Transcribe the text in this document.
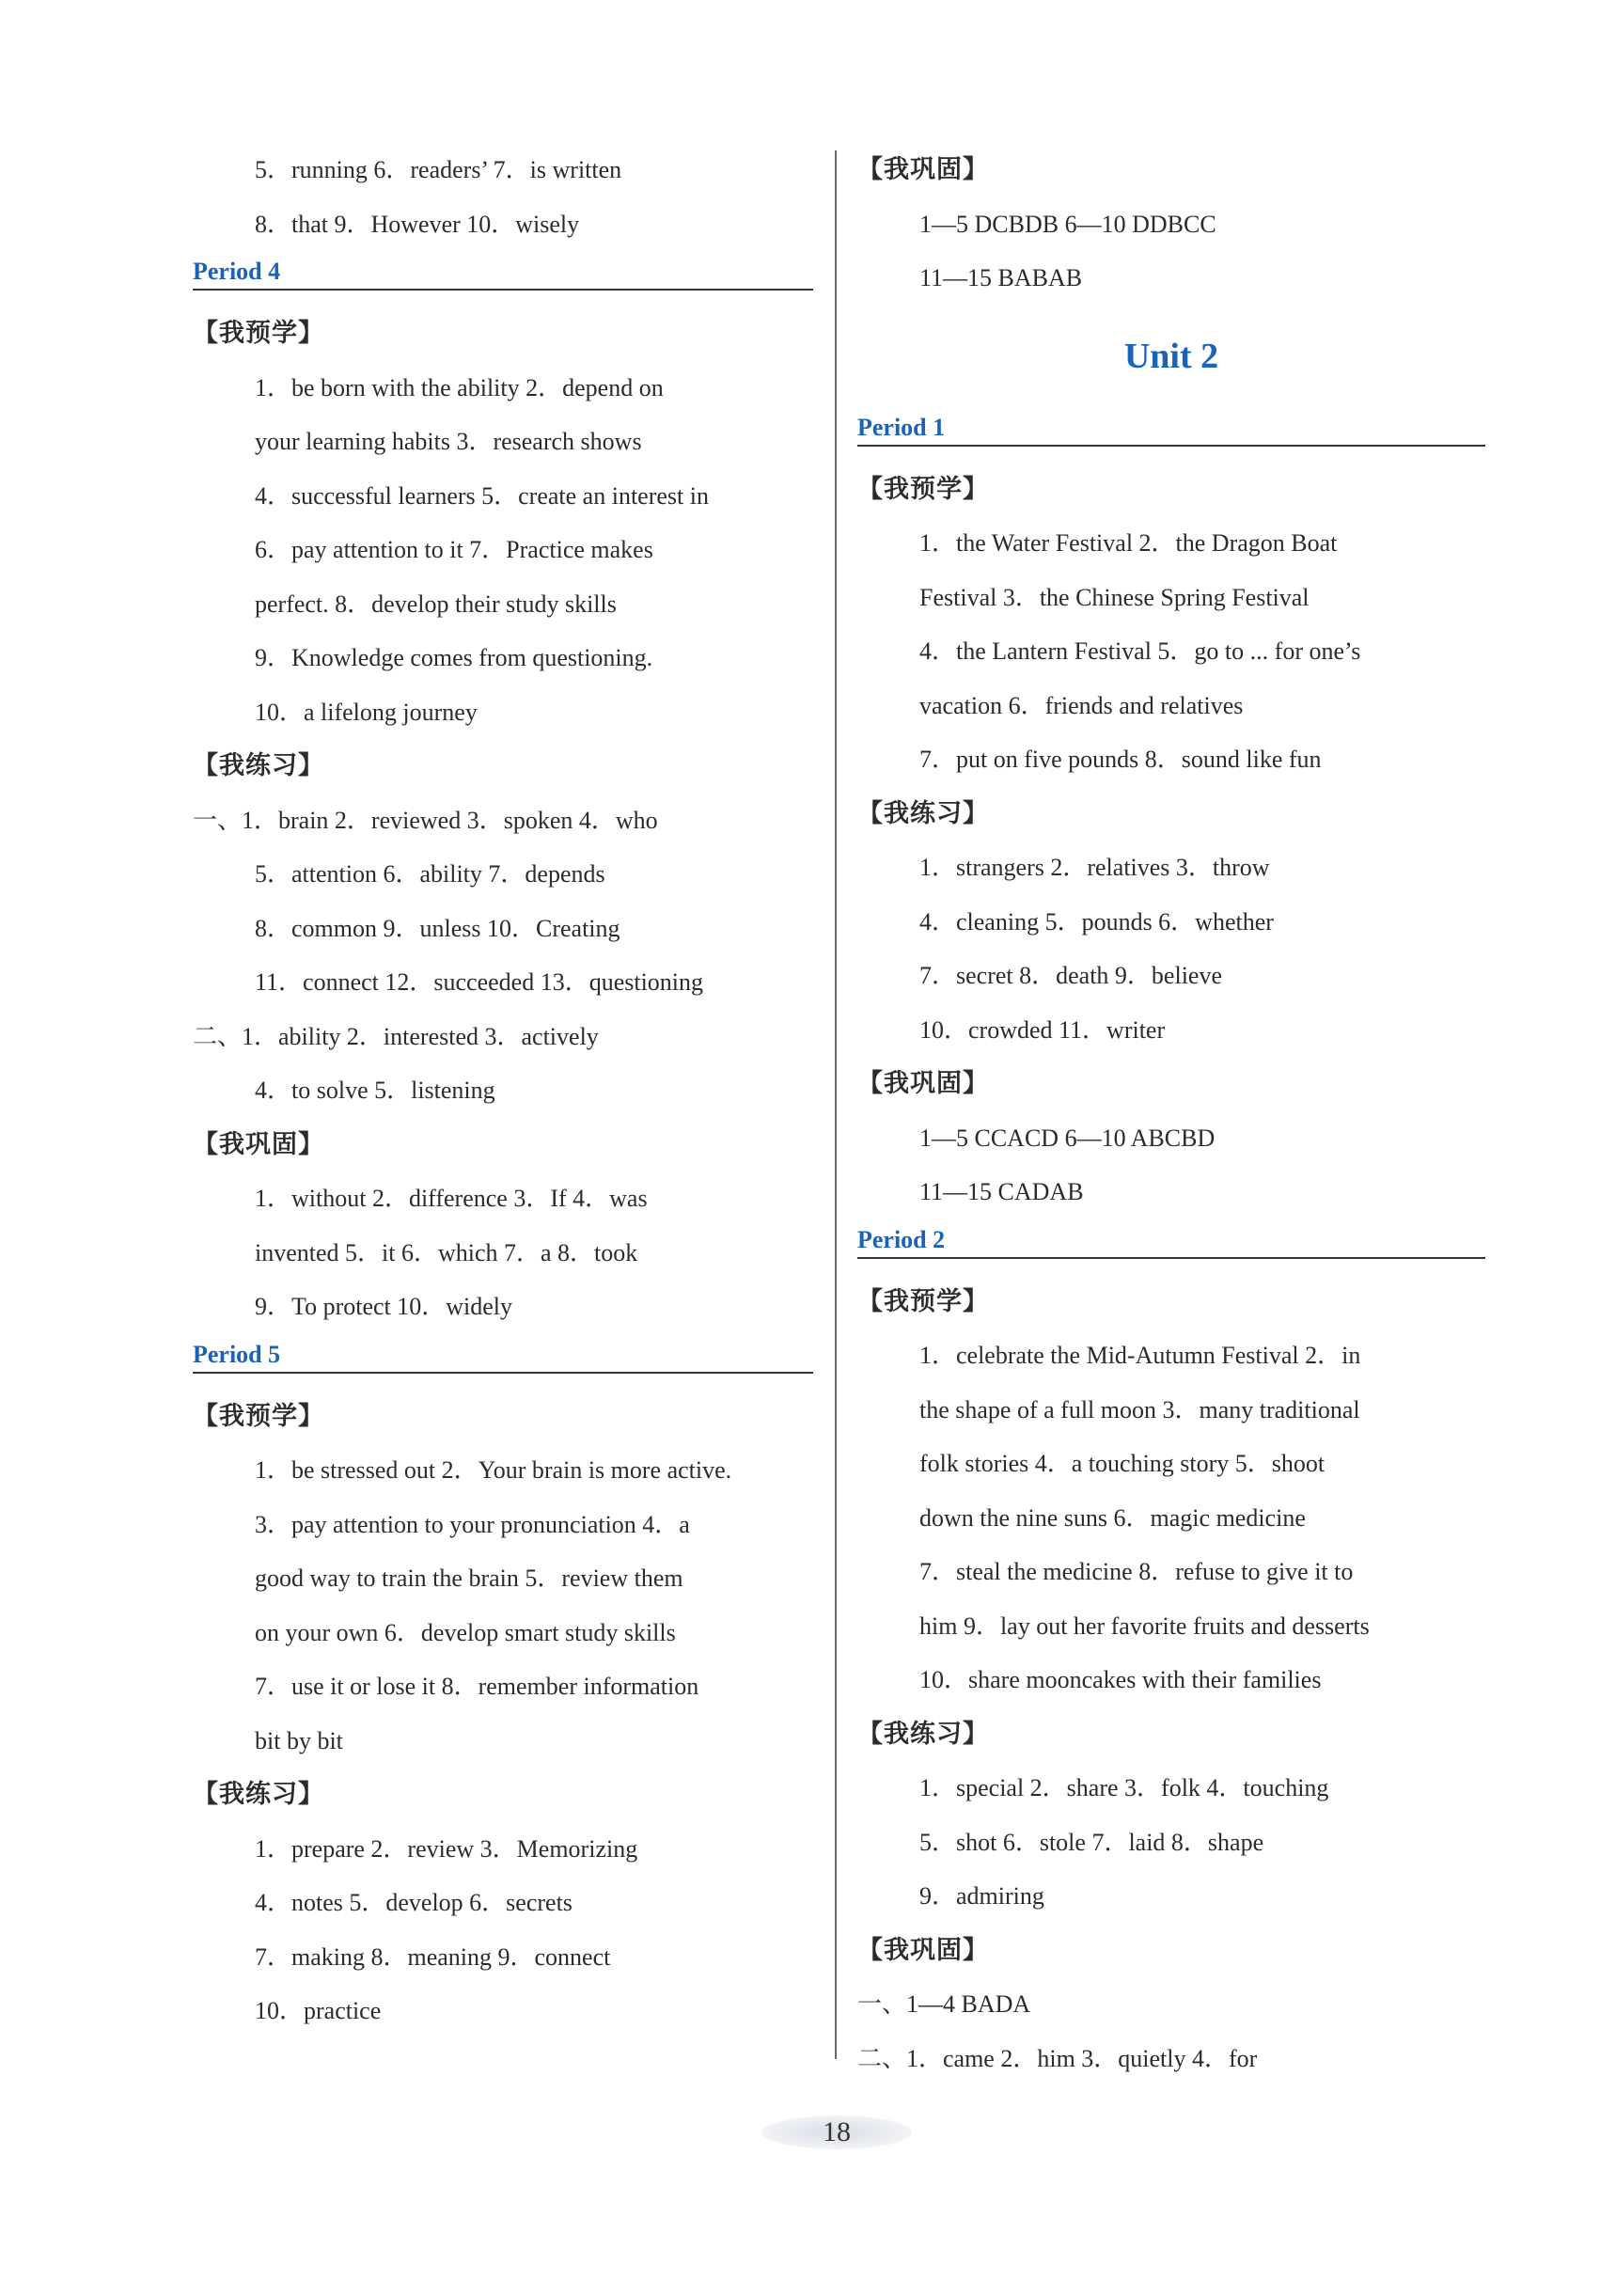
5．running 6．readers’ 7．is written
8．that 9．However 10．wisely
Period 4
【我预学】
1．be born with the ability 2．depend on
your learning habits 3．research shows
4．successful learners 5．create an interest in
6．pay attention to it 7．Practice makes
perfect. 8．develop their study skills
9．Knowledge comes from questioning.
10．a lifelong journey
【我练习】
一、1．brain 2．reviewed 3．spoken 4．who
5．attention 6．ability 7．depends
8．common 9．unless 10．Creating
11．connect 12．succeeded 13．questioning
二、1．ability 2．interested 3．actively
4．to solve 5．listening
【我巩固】
1．without 2．difference 3．If 4．was
invented 5．it 6．which 7．a 8．took
9．To protect 10．widely
Period 5
【我预学】
1．be stressed out 2．Your brain is more active.
3．pay attention to your pronunciation 4．a
good way to train the brain 5．review them
on your own 6．develop smart study skills
7．use it or lose it 8．remember information
bit by bit
【我练习】
1．prepare 2．review 3．Memorizing
4．notes 5．develop 6．secrets
7．making 8．meaning 9．connect
10．practice
【我巩固】
1—5 DCBDB 6—10 DDBCC
11—15 BABAB
Unit 2
Period 1
【我预学】
1．the Water Festival 2．the Dragon Boat
Festival 3．the Chinese Spring Festival
4．the Lantern Festival 5．go to ... for one’s
vacation 6．friends and relatives
7．put on five pounds 8．sound like fun
【我练习】
1．strangers 2．relatives 3．throw
4．cleaning 5．pounds 6．whether
7．secret 8．death 9．believe
10．crowded 11．writer
【我巩固】
1—5 CCACD 6—10 ABCBD
11—15 CADAB
Period 2
【我预学】
1．celebrate the Mid-Autumn Festival 2．in
the shape of a full moon 3．many traditional
folk stories 4．a touching story 5．shoot
down the nine suns 6．magic medicine
7．steal the medicine 8．refuse to give it to
him 9．lay out her favorite fruits and desserts
10．share mooncakes with their families
【我练习】
1．special 2．share 3．folk 4．touching
5．shot 6．stole 7．laid 8．shape
9．admiring
【我巩固】
一、1—4 BADA
二、1．came 2．him 3．quietly 4．for
18
